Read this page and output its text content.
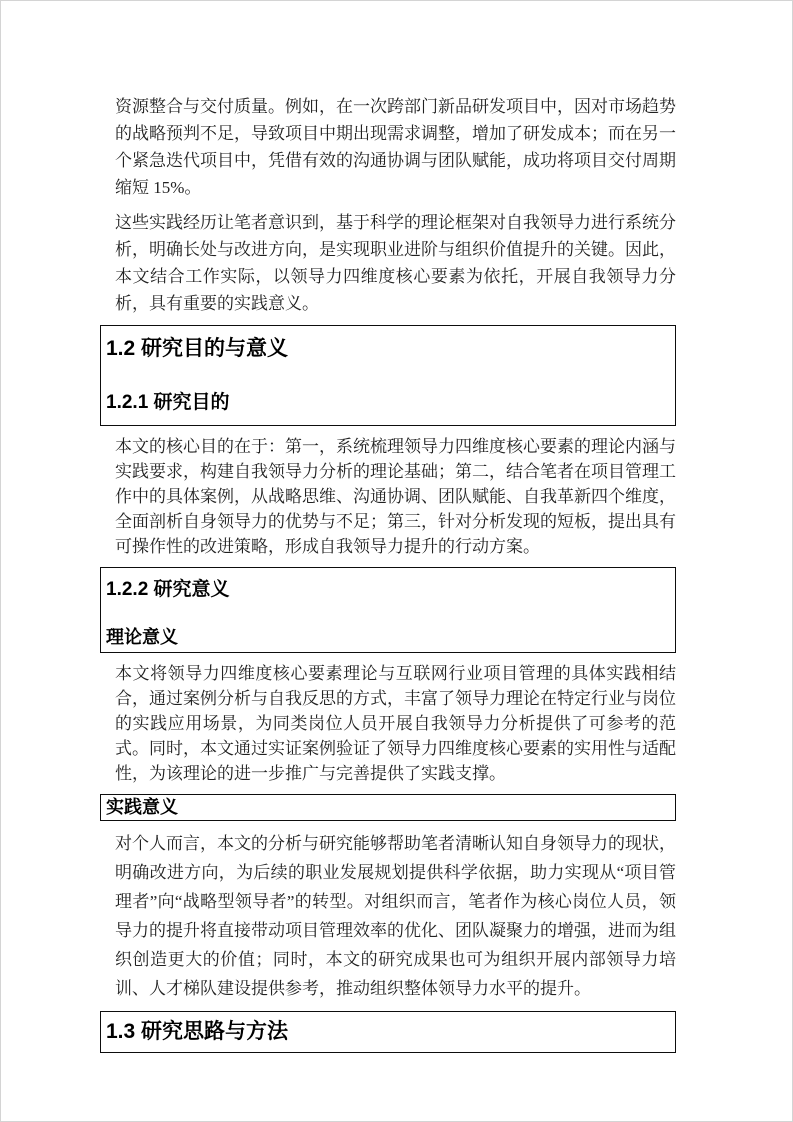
资源整合与交付质量。例如，在一次跨部门新品研发项目中，因对市场趋势的战略预判不足，导致项目中期出现需求调整，增加了研发成本；而在另一个紧急迭代项目中，凭借有效的沟通协调与团队赋能，成功将项目交付周期缩短 15%。

这些实践经历让笔者意识到，基于科学的理论框架对自我领导力进行系统分析，明确长处与改进方向，是实现职业进阶与组织价值提升的关键。因此，本文结合工作实际，以领导力四维度核心要素为依托，开展自我领导力分析，具有重要的实践意义。

1.2 研究目的与意义
1.2.1 研究目的

本文的核心目的在于：第一，系统梳理领导力四维度核心要素的理论内涵与实践要求，构建自我领导力分析的理论基础；第二，结合笔者在项目管理工作中的具体案例，从战略思维、沟通协调、团队赋能、自我革新四个维度，全面剖析自身领导力的优势与不足；第三，针对分析发现的短板，提出具有可操作性的改进策略，形成自我领导力提升的行动方案。

1.2.2 研究意义
理论意义

本文将领导力四维度核心要素理论与互联网行业项目管理的具体实践相结合，通过案例分析与自我反思的方式，丰富了领导力理论在特定行业与岗位的实践应用场景，为同类岗位人员开展自我领导力分析提供了可参考的范式。同时，本文通过实证案例验证了领导力四维度核心要素的实用性与适配性，为该理论的进一步推广与完善提供了实践支撑。

实践意义

对个人而言，本文的分析与研究能够帮助笔者清晰认知自身领导力的现状，明确改进方向，为后续的职业发展规划提供科学依据，助力实现从“项目管理者”向“战略型领导者”的转型。对组织而言，笔者作为核心岗位人员，领导力的提升将直接带动项目管理效率的优化、团队凝聚力的增强，进而为组织创造更大的价值；同时，本文的研究成果也可为组织开展内部领导力培训、人才梯队建设提供参考，推动组织整体领导力水平的提升。

1.3 研究思路与方法
